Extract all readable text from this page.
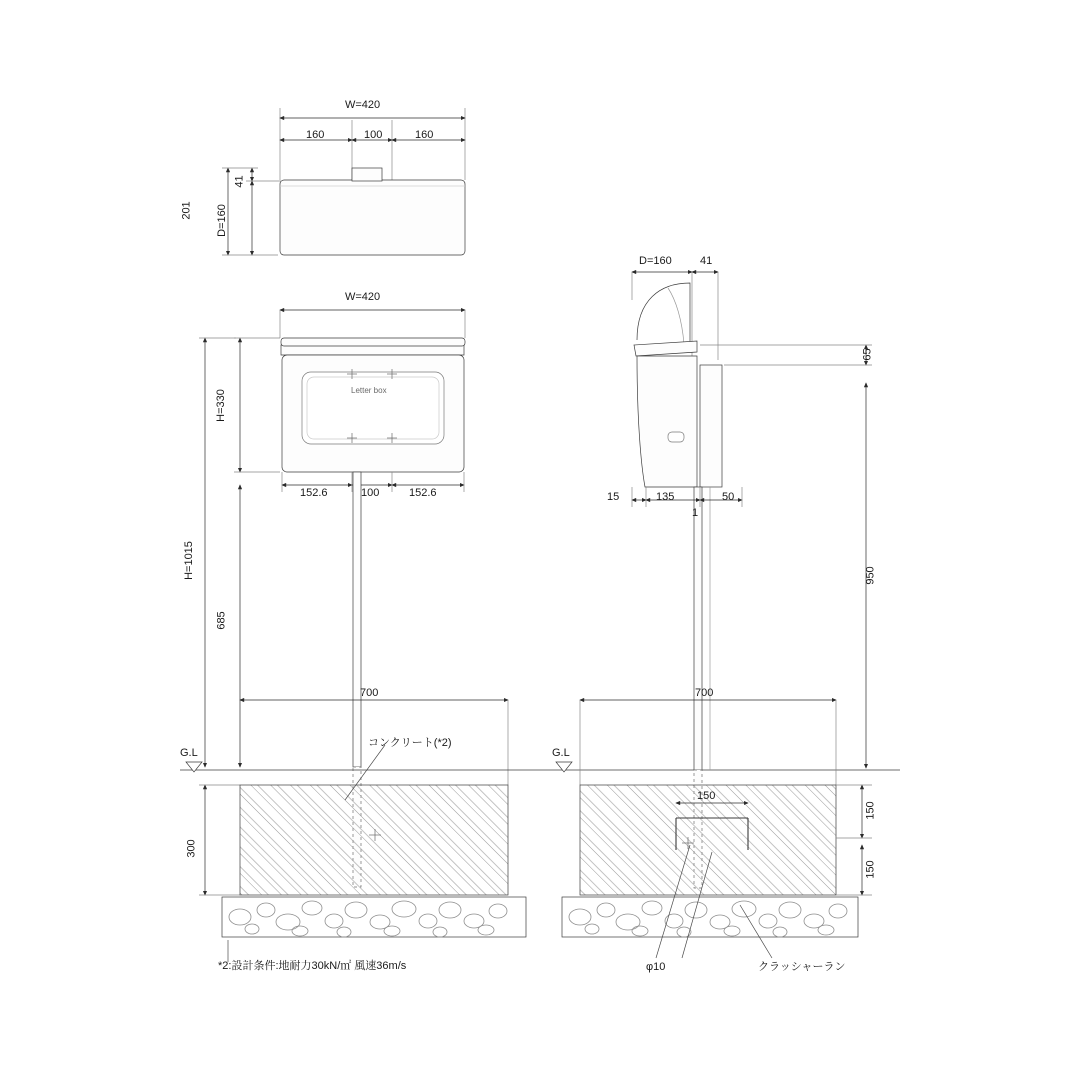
W=420
160	100	160
201 D=160
41
W=420
H=330	Letter box
152.6	100	152.6
H=1015
685
700
G.L
300
コンクリート(*2)
D=160	41
65
15	135	50
1
950
700
G.L
150
150
150
φ10	クラッシャーラン
*2:設計条件:地耐力30kN/㎡ 風速36m/s
